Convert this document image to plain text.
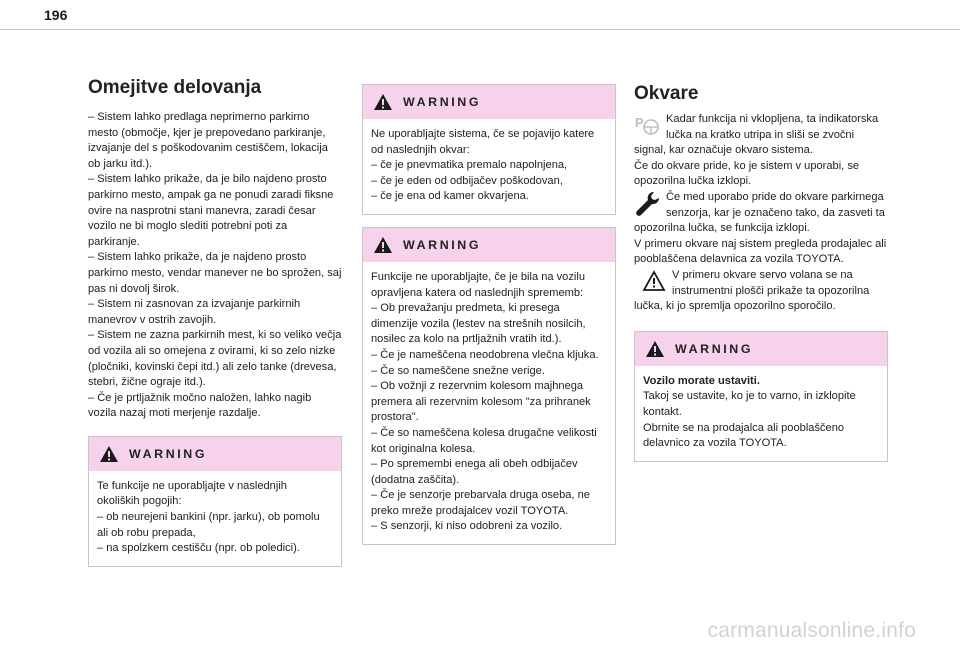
196
Omejitve delovanja

– Sistem lahko predlaga neprimerno parkirno mesto (območje, kjer je prepovedano parkiranje, izvajanje del s poškodovanim cestiščem, lokacija ob jarku itd.).
– Sistem lahko prikaže, da je bilo najdeno prosto parkirno mesto, ampak ga ne ponudi zaradi fiksne ovire na nasprotni stani manevra, zaradi česar vozilo ne bi moglo slediti potrebni poti za parkiranje.
– Sistem lahko prikaže, da je najdeno prosto parkirno mesto, vendar manever ne bo sprožen, saj pas ni dovolj širok.
– Sistem ni zasnovan za izvajanje parkirnih manevrov v ostrih zavojih.
– Sistem ne zazna parkirnih mest, ki so veliko večja od vozila ali so omejena z ovirami, ki so zelo nizke (pločniki, kovinski čepi itd.) ali zelo tanke (drevesa, stebri, žične ograje itd.).
– Če je prtljažnik močno naložen, lahko nagib vozila nazaj moti merjenje razdalje.

WARNING

Te funkcije ne uporabljajte v naslednjih okoliških pogojih:
– ob neurejeni bankini (npr. jarku), ob pomolu ali ob robu prepada,
– na spolzkem cestišču (npr. ob poledici).

WARNING

Ne uporabljajte sistema, če se pojavijo katere od naslednjih okvar:
– če je pnevmatika premalo napolnjena,
– če je eden od odbijačev poškodovan,
– če je ena od kamer okvarjena.

WARNING

Funkcije ne uporabljajte, če je bila na vozilu opravljena katera od naslednjih sprememb:
– Ob prevažanju predmeta, ki presega dimenzije vozila (lestev na strešnih nosilcih, nosilec za kolo na prtljažnih vratih itd.).
– Če je nameščena neodobrena vlečna kljuka.
– Če so nameščene snežne verige.
– Ob vožnji z rezervnim kolesom majhnega premera ali rezervnim kolesom "za prihranek prostora".
– Če so nameščena kolesa drugačne velikosti kot originalna kolesa.
– Po spremembi enega ali obeh odbijačev (dodatna zaščita).
– Če je senzorje prebarvala druga oseba, ne preko mreže prodajalcev vozil TOYOTA.
– S senzorji, ki niso odobreni za vozilo.

Okvare
P	Kadar funkcija ni vklopljena, ta indikatorska lučka na kratko utripa in sliši se zvočni signal, kar označuje okvaro sistema.
Če do okvare pride, ko je sistem v uporabi, se opozorilna lučka izklopi.

Če med uporabo pride do okvare parkirnega senzorja, kar je označeno tako, da zasveti ta opozorilna lučka, se funkcija izklopi.
V primeru okvare naj sistem pregleda prodajalec ali pooblaščena delavnica za vozila TOYOTA.

V primeru okvare servo volana se na instrumentni plošči prikaže ta opozorilna lučka, ki jo spremlja opozorilno sporočilo.

WARNING

Vozilo morate ustaviti.

Takoj se ustavite, ko je to varno, in izklopite kontakt.
Obrnite se na prodajalca ali pooblaščeno delavnico za vozila TOYOTA.

carmanualsonline.info
